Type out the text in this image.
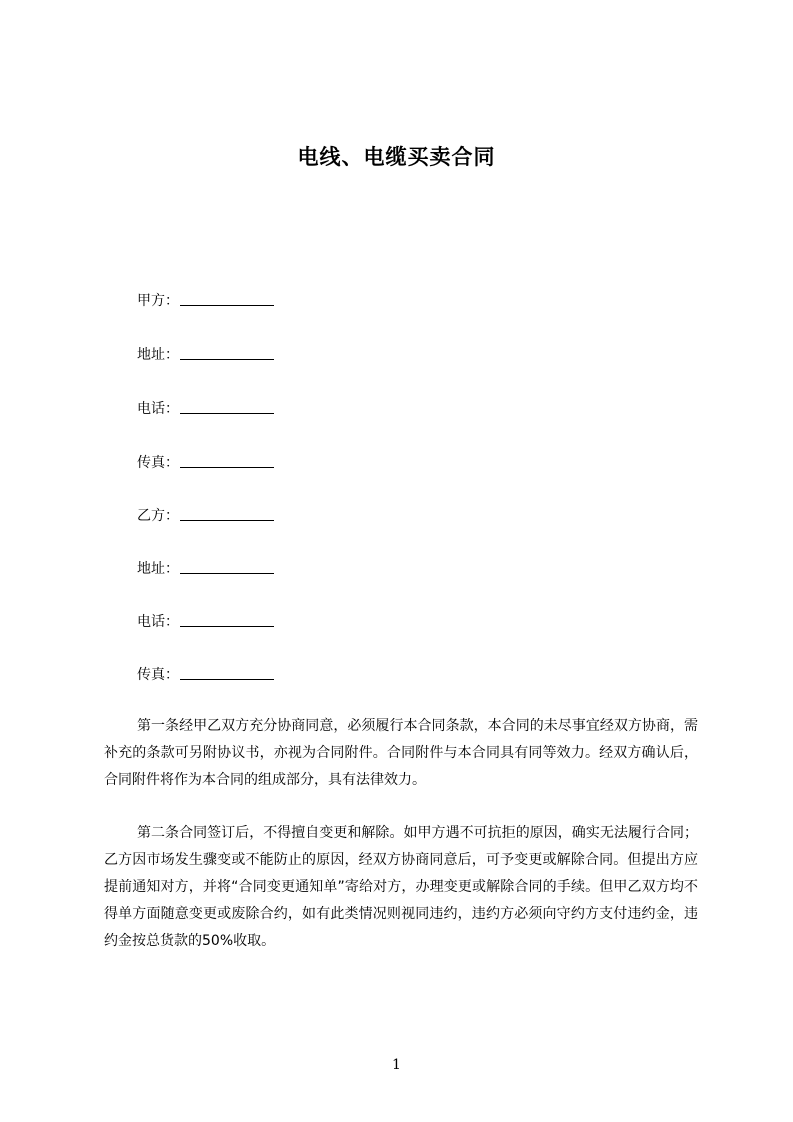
电线、电缆买卖合同
甲方：
地址：
电话：
传真：
乙方：
地址：
电话：
传真：

第一条经甲乙双方充分协商同意，必须履行本合同条款，本合同的未尽事宜经双方协商，需补充的条款可另附协议书，亦视为合同附件。合同附件与本合同具有同等效力。经双方确认后，合同附件将作为本合同的组成部分，具有法律效力。

第二条合同签订后，不得擅自变更和解除。如甲方遇不可抗拒的原因，确实无法履行合同；乙方因市场发生骤变或不能防止的原因，经双方协商同意后，可予变更或解除合同。但提出方应提前通知对方，并将“合同变更通知单”寄给对方，办理变更或解除合同的手续。但甲乙双方均不得单方面随意变更或废除合约，如有此类情况则视同违约，违约方必须向守约方支付违约金，违约金按总货款的50%收取。

1
